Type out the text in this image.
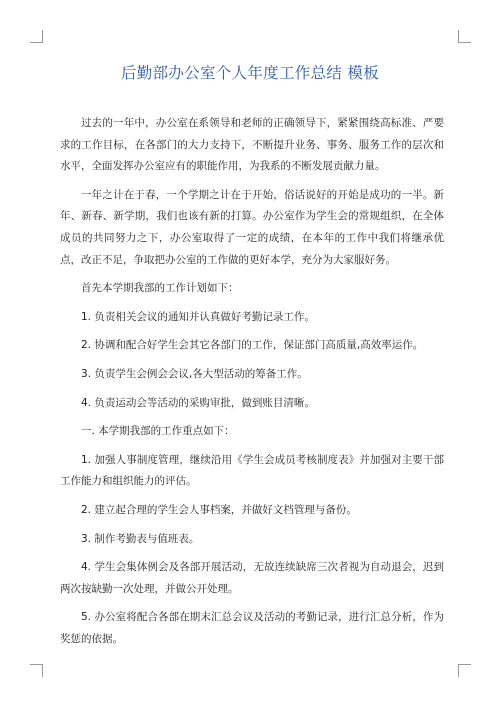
后勤部办公室个人年度工作总结 模板

过去的一年中，办公室在系领导和老师的正确领导下，紧紧围绕高标准、严要求的工作目标，在各部门的大力支持下，不断提升业务、事务、服务工作的层次和水平，全面发挥办公室应有的职能作用，为我系的不断发展贡献力量。

一年之计在于春，一个学期之计在于开始，俗话说好的开始是成功的一半。新年、新春、新学期，我们也该有新的打算。办公室作为学生会的常规组织，在全体成员的共同努力之下，办公室取得了一定的成绩，在本年的工作中我们将继承优点，改正不足，争取把办公室的工作做的更好本学，充分为大家服好务。

首先本学期我部的工作计划如下：

1. 负责相关会议的通知并认真做好考勤记录工作。

2. 协调和配合好学生会其它各部门的工作，保证部门高质量,高效率运作。

3. 负责学生会例会会议,各大型活动的筹备工作。

4. 负责运动会等活动的采购审批，做到账目清晰。

一. 本学期我部的工作重点如下：

1. 加强人事制度管理，继续沿用《学生会成员考核制度表》并加强对主要干部工作能力和组织能力的评估。

2. 建立起合理的学生会人事档案，并做好文档管理与备份。

3. 制作考勤表与值班表。

4. 学生会集体例会及各部开展活动，无故连续缺席三次者视为自动退会，迟到两次按缺勤一次处理，并做公开处理。

5. 办公室将配合各部在期末汇总会议及活动的考勤记录，进行汇总分析，作为奖惩的依据。
